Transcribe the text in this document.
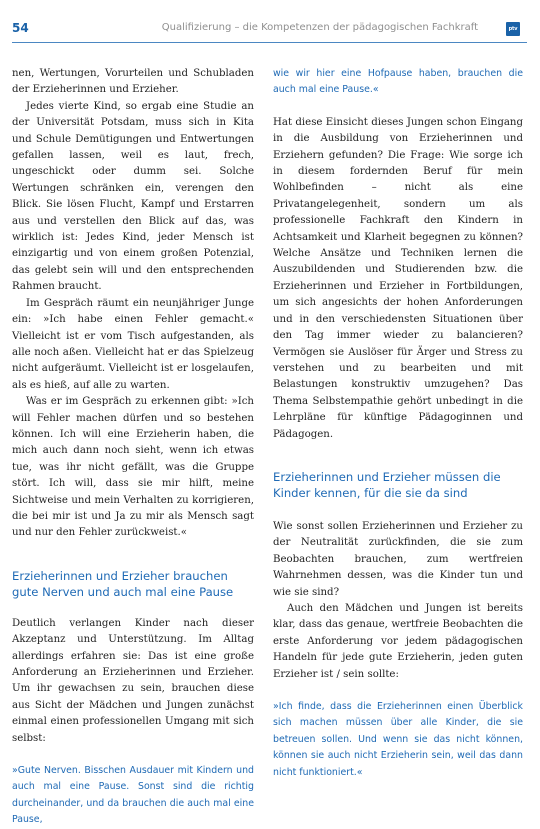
54	Qualifizierung – die Kompetenzen der pädagogischen Fachkraft	ptv

nen, Wertungen, Vorurteilen und Schubladen der Erzieherinnen und Erzieher.

Jedes vierte Kind, so ergab eine Studie an der Universität Potsdam, muss sich in Kita und Schule Demütigungen und Entwertungen gefallen lassen, weil es laut, frech, ungeschickt oder dumm sei. Solche Wertungen schränken ein, verengen den Blick. Sie lösen Flucht, Kampf und Erstarren aus und verstellen den Blick auf das, was wirklich ist: Jedes Kind, jeder Mensch ist einzigartig und von einem großen Potenzial, das gelebt sein will und den entsprechenden Rahmen braucht.

Im Gespräch räumt ein neunjähriger Junge ein: »Ich habe einen Fehler gemacht.« Vielleicht ist er vom Tisch aufgestanden, als alle noch aßen. Vielleicht hat er das Spielzeug nicht aufgeräumt. Vielleicht ist er losgelaufen, als es hieß, auf alle zu warten.

Was er im Gespräch zu erkennen gibt: »Ich will Fehler machen dürfen und so bestehen können. Ich will eine Erzieherin haben, die mich auch dann noch sieht, wenn ich etwas tue, was ihr nicht gefällt, was die Gruppe stört. Ich will, dass sie mir hilft, meine Sichtweise und mein Verhalten zu korrigieren, die bei mir ist und Ja zu mir als Mensch sagt und nur den Fehler zurückweist.«

Erzieherinnen und Erzieher brauchen gute Nerven und auch mal eine Pause

Deutlich verlangen Kinder nach dieser Akzeptanz und Unterstützung. Im Alltag allerdings erfahren sie: Das ist eine große Anforderung an Erzieherinnen und Erzieher. Um ihr gewachsen zu sein, brauchen diese aus Sicht der Mädchen und Jungen zunächst einmal einen professionellen Umgang mit sich selbst:

»Gute Nerven. Bisschen Ausdauer mit Kindern und auch mal eine Pause. Sonst sind die richtig durcheinander, und da brauchen die auch mal eine Pause,

wie wir hier eine Hofpause haben, brauchen die auch mal eine Pause.«

Hat diese Einsicht dieses Jungen schon Eingang in die Ausbildung von Erzieherinnen und Erziehern gefunden? Die Frage: Wie sorge ich in diesem fordernden Beruf für mein Wohlbefinden – nicht als eine Privatangelegenheit, sondern um als professionelle Fachkraft den Kindern in Achtsamkeit und Klarheit begegnen zu können? Welche Ansätze und Techniken lernen die Auszubildenden und Studierenden bzw. die Erzieherinnen und Erzieher in Fortbildungen, um sich angesichts der hohen Anforderungen und in den verschiedensten Situationen über den Tag immer wieder zu balancieren? Vermögen sie Auslöser für Ärger und Stress zu verstehen und zu bearbeiten und mit Belastungen konstruktiv umzugehen? Das Thema Selbstempathie gehört unbedingt in die Lehrpläne für künftige Pädagoginnen und Pädagogen.

Erzieherinnen und Erzieher müssen die Kinder kennen, für die sie da sind

Wie sonst sollen Erzieherinnen und Erzieher zu der Neutralität zurückfinden, die sie zum Beobachten brauchen, zum wertfreien Wahrnehmen dessen, was die Kinder tun und wie sie sind?

Auch den Mädchen und Jungen ist bereits klar, dass das genaue, wertfreie Beobachten die erste Anforderung vor jedem pädagogischen Handeln für jede gute Erzieherin, jeden guten Erzieher ist / sein sollte:

»Ich finde, dass die Erzieherinnen einen Überblick sich machen müssen über alle Kinder, die sie betreuen sollen. Und wenn sie das nicht können, können sie auch nicht Erzieherin sein, weil das dann nicht funktioniert.«
